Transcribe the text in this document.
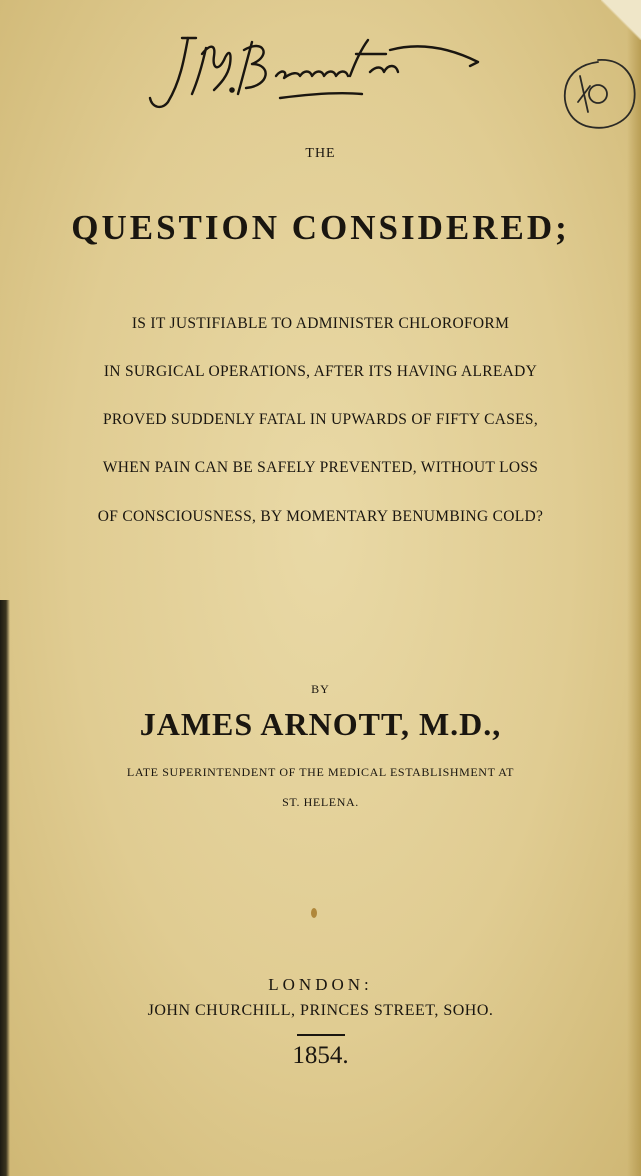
THE
QUESTION CONSIDERED;
IS IT JUSTIFIABLE TO ADMINISTER CHLOROFORM
IN SURGICAL OPERATIONS, AFTER ITS HAVING ALREADY
PROVED SUDDENLY FATAL IN UPWARDS OF FIFTY CASES,
WHEN PAIN CAN BE SAFELY PREVENTED, WITHOUT LOSS
OF CONSCIOUSNESS, BY MOMENTARY BENUMBING COLD?
BY
JAMES ARNOTT, M.D.,
LATE SUPERINTENDENT OF THE MEDICAL ESTABLISHMENT AT
ST. HELENA.
LONDON:
JOHN CHURCHILL, PRINCES STREET, SOHO.
1854.
